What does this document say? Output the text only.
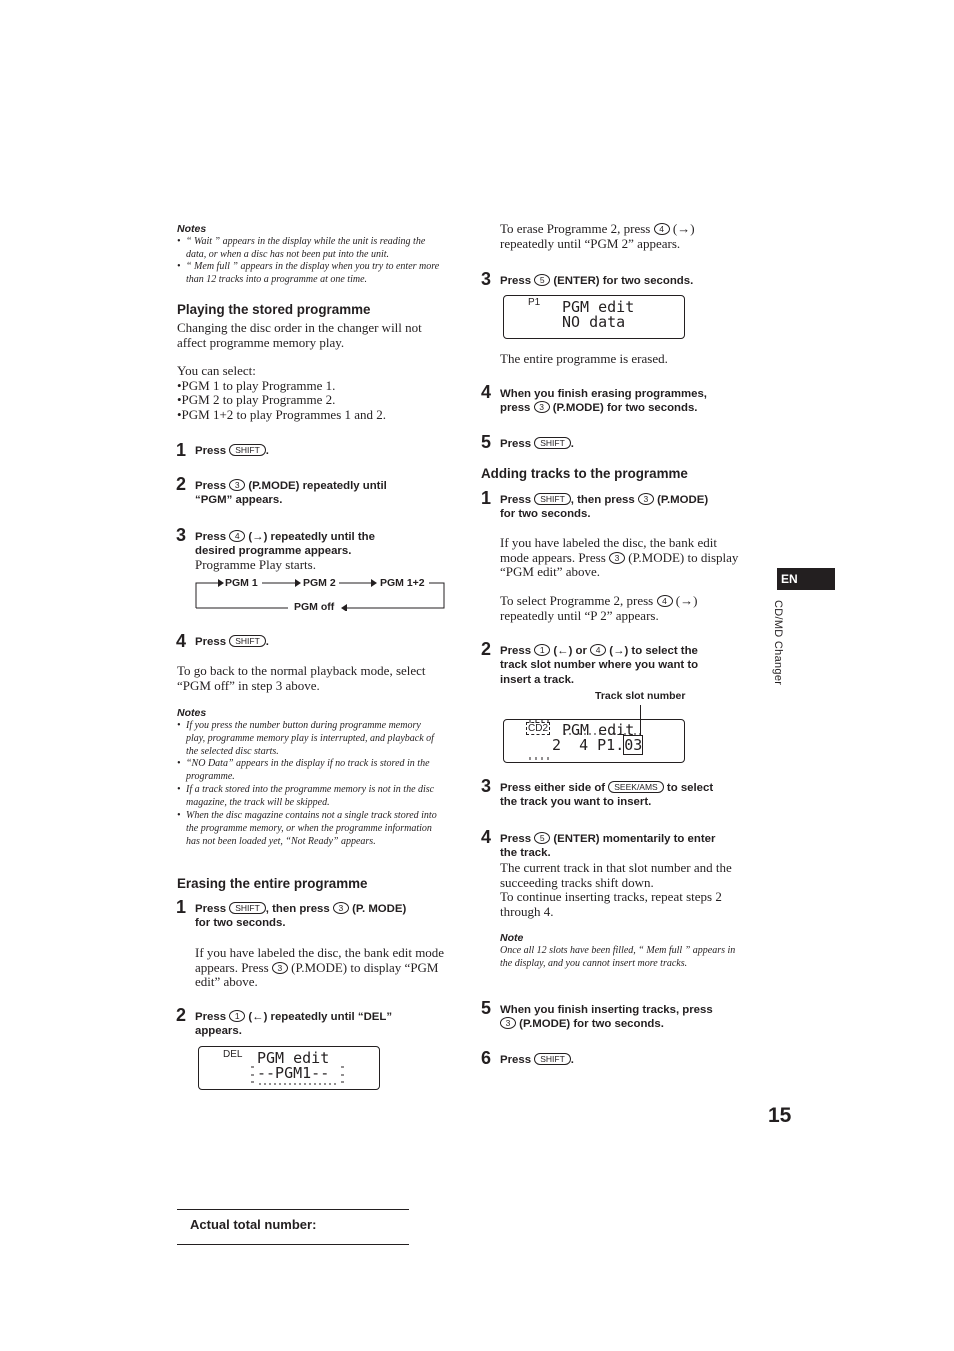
Notes
• “ Wait ” appears in the display while the unit is reading the data, or when a disc has not been put into the unit.
• “ Mem full ” appears in the display when you try to enter more than 12 tracks into a programme at one time.
Playing the stored programme
Changing the disc order in the changer will not affect programme memory play.
You can select:
•PGM 1 to play Programme 1.
•PGM 2 to play Programme 2.
•PGM 1+2 to play Programmes 1 and 2.
1 Press SHIFT .
2 Press 3 (P.MODE) repeatedly until
“PGM” appears.
3 Press 4 (→) repeatedly until the
desired programme appears.
Programme Play starts.
PGM 1	PGM 2	PGM 1+2
PGM off
4 Press SHIFT .
To go back to the normal playback mode, select “PGM off” in step 3 above.
Notes
• If you press the number button during programme memory play, programme memory play is interrupted, and playback of the selected disc starts.
• “NO Data” appears in the display if no track is stored in the programme.
• If a track stored into the programme memory is not in the disc magazine, the track will be skipped.
• When the disc magazine contains not a single track stored into the programme memory, or when the programme information has not been loaded yet, “Not Ready” appears.
Erasing the entire programme
1 Press SHIFT , then press 3 (P. MODE)
for two seconds.
If you have labeled the disc, the bank edit mode appears. Press 3 (P.MODE) to display “PGM edit” above.
2 Press 1 (←) repeatedly until “DEL”
appears.
DEL PGM edit
--PGM1--
To erase Programme 2, press 4 (→)
repeatedly until “PGM 2” appears.
3 Press 5 (ENTER) for two seconds.
P1 PGM edit
NO data
The entire programme is erased.
4 When you finish erasing programmes,
press 3 (P.MODE) for two seconds.
5 Press SHIFT .
Adding tracks to the programme
1 Press SHIFT , then press 3 (P.MODE)
for two seconds.
If you have labeled the disc, the bank edit mode appears. Press 3 (P.MODE) to display “PGM edit” above.
To select Programme 2, press 4 (→)
repeatedly until “P 2” appears.
2 Press 1 (←) or 4 (→) to select the
track slot number where you want to
insert a track.
Track slot number
CD2 PGM edit
2  4 P1.03
3 Press either side of SEEK/AMS to select
the track you want to insert.
4 Press 5 (ENTER) momentarily to enter
the track.
The current track in that slot number and the succeeding tracks shift down.
To continue inserting tracks, repeat steps 2 through 4.
Note
Once all 12 slots have been filled, “ Mem full ” appears in the display, and you cannot insert more tracks.
5 When you finish inserting tracks, press
3 (P.MODE) for two seconds.
6 Press SHIFT .
EN
CD/MD Changer
15
Actual total number:
